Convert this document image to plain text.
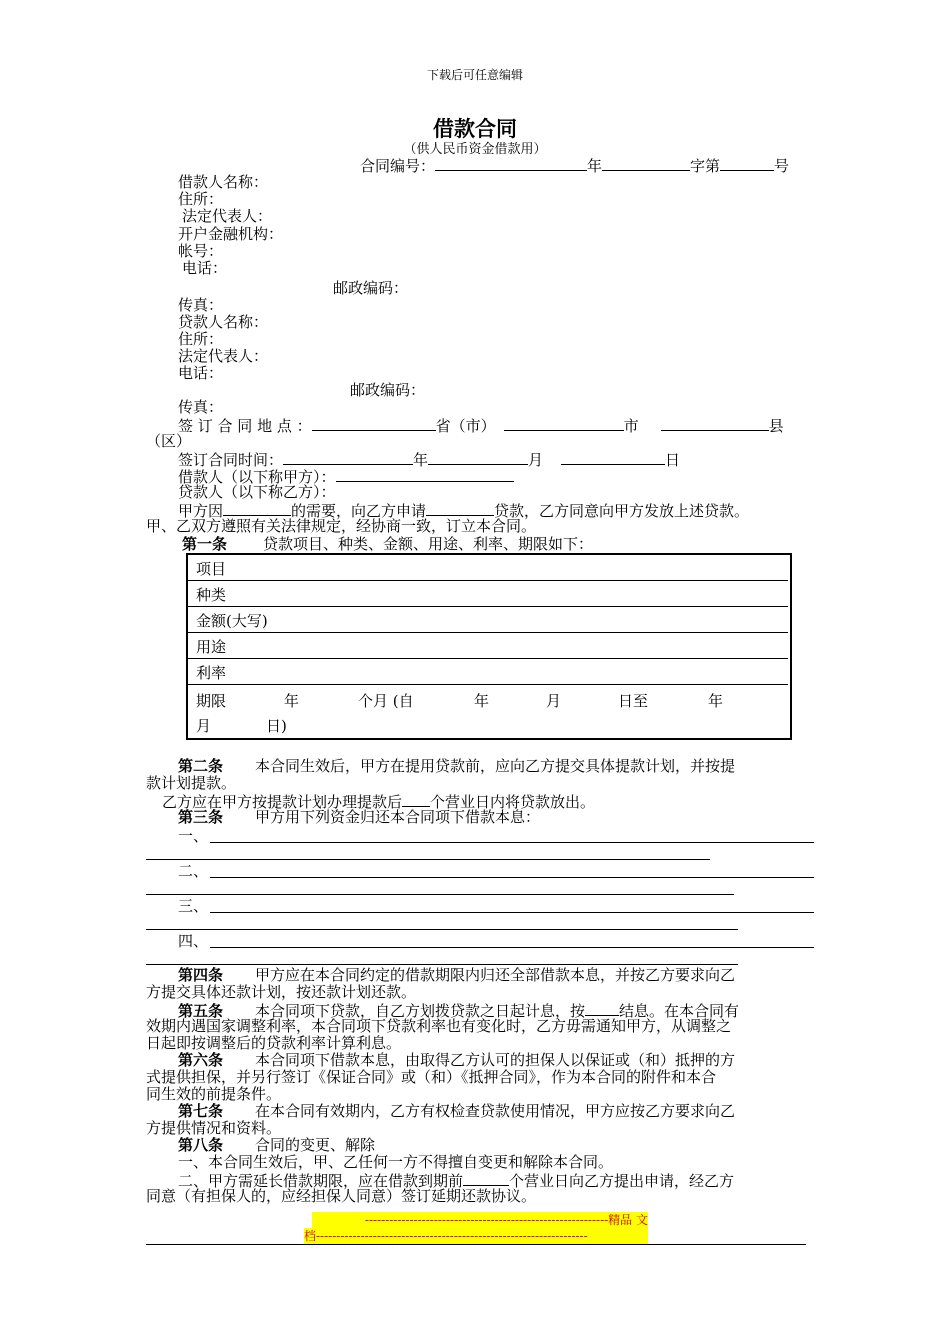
下载后可任意编辑
借款合同
（供人民币资金借款用）
合同编号：	年	字第	号
借款人名称：
住所：
法定代表人：
开户金融机构：
帐号：
电话：
邮政编码：
传真：
贷款人名称：
住所：
法定代表人：
电话：
邮政编码：
传真：
签 订 合 同 地 点 ：	省（市）	市	县
（区）
签订合同时间：	年	月	日
借款人（以下称甲方）：
贷款人（以下称乙方）：
甲方因	的需要，向乙方申请	贷款，乙方同意向甲方发放上述贷款。
甲、乙双方遵照有关法律规定，经协商一致，订立本合同。
第一条 贷款项目、种类、金额、用途、利率、期限如下：
项目
种类
金额(大写)
用途
利率
期限	年	个月 (自	年	月	日至	年
月	日)
第二条 本合同生效后，甲方在提用贷款前，应向乙方提交具体提款计划，并按提
款计划提款。
乙方应在甲方按提款计划办理提款后 个营业日内将贷款放出。
第三条 甲方用下列资金归还本合同项下借款本息：
一、
二、
三、
四、
第四条 甲方应在本合同约定的借款期限内归还全部借款本息，并按乙方要求向乙
方提交具体还款计划，按还款计划还款。
第五条 本合同项下贷款，自乙方划拨贷款之日起计息，按 结息。在本合同有
效期内遇国家调整利率，本合同项下贷款利率也有变化时，乙方毋需通知甲方，从调整之
日起即按调整后的贷款利率计算利息。
第六条 本合同项下借款本息，由取得乙方认可的担保人以保证或（和）抵押的方
式提供担保，并另行签订《保证合同》或（和）《抵押合同》，作为本合同的附件和本合
同生效的前提条件。
第七条 在本合同有效期内，乙方有权检查贷款使用情况，甲方应按乙方要求向乙
方提供情况和资料。
第八条 合同的变更、解除
一、本合同生效后，甲、乙任何一方不得擅自变更和解除本合同。
二、甲方需延长借款期限，应在借款到期前	个营业日向乙方提出申请，经乙方
同意（有担保人的，应经担保人同意）签订延期还款协议。
------------------------------------------------------------精品 文
档-------------------------------------------------------------------
